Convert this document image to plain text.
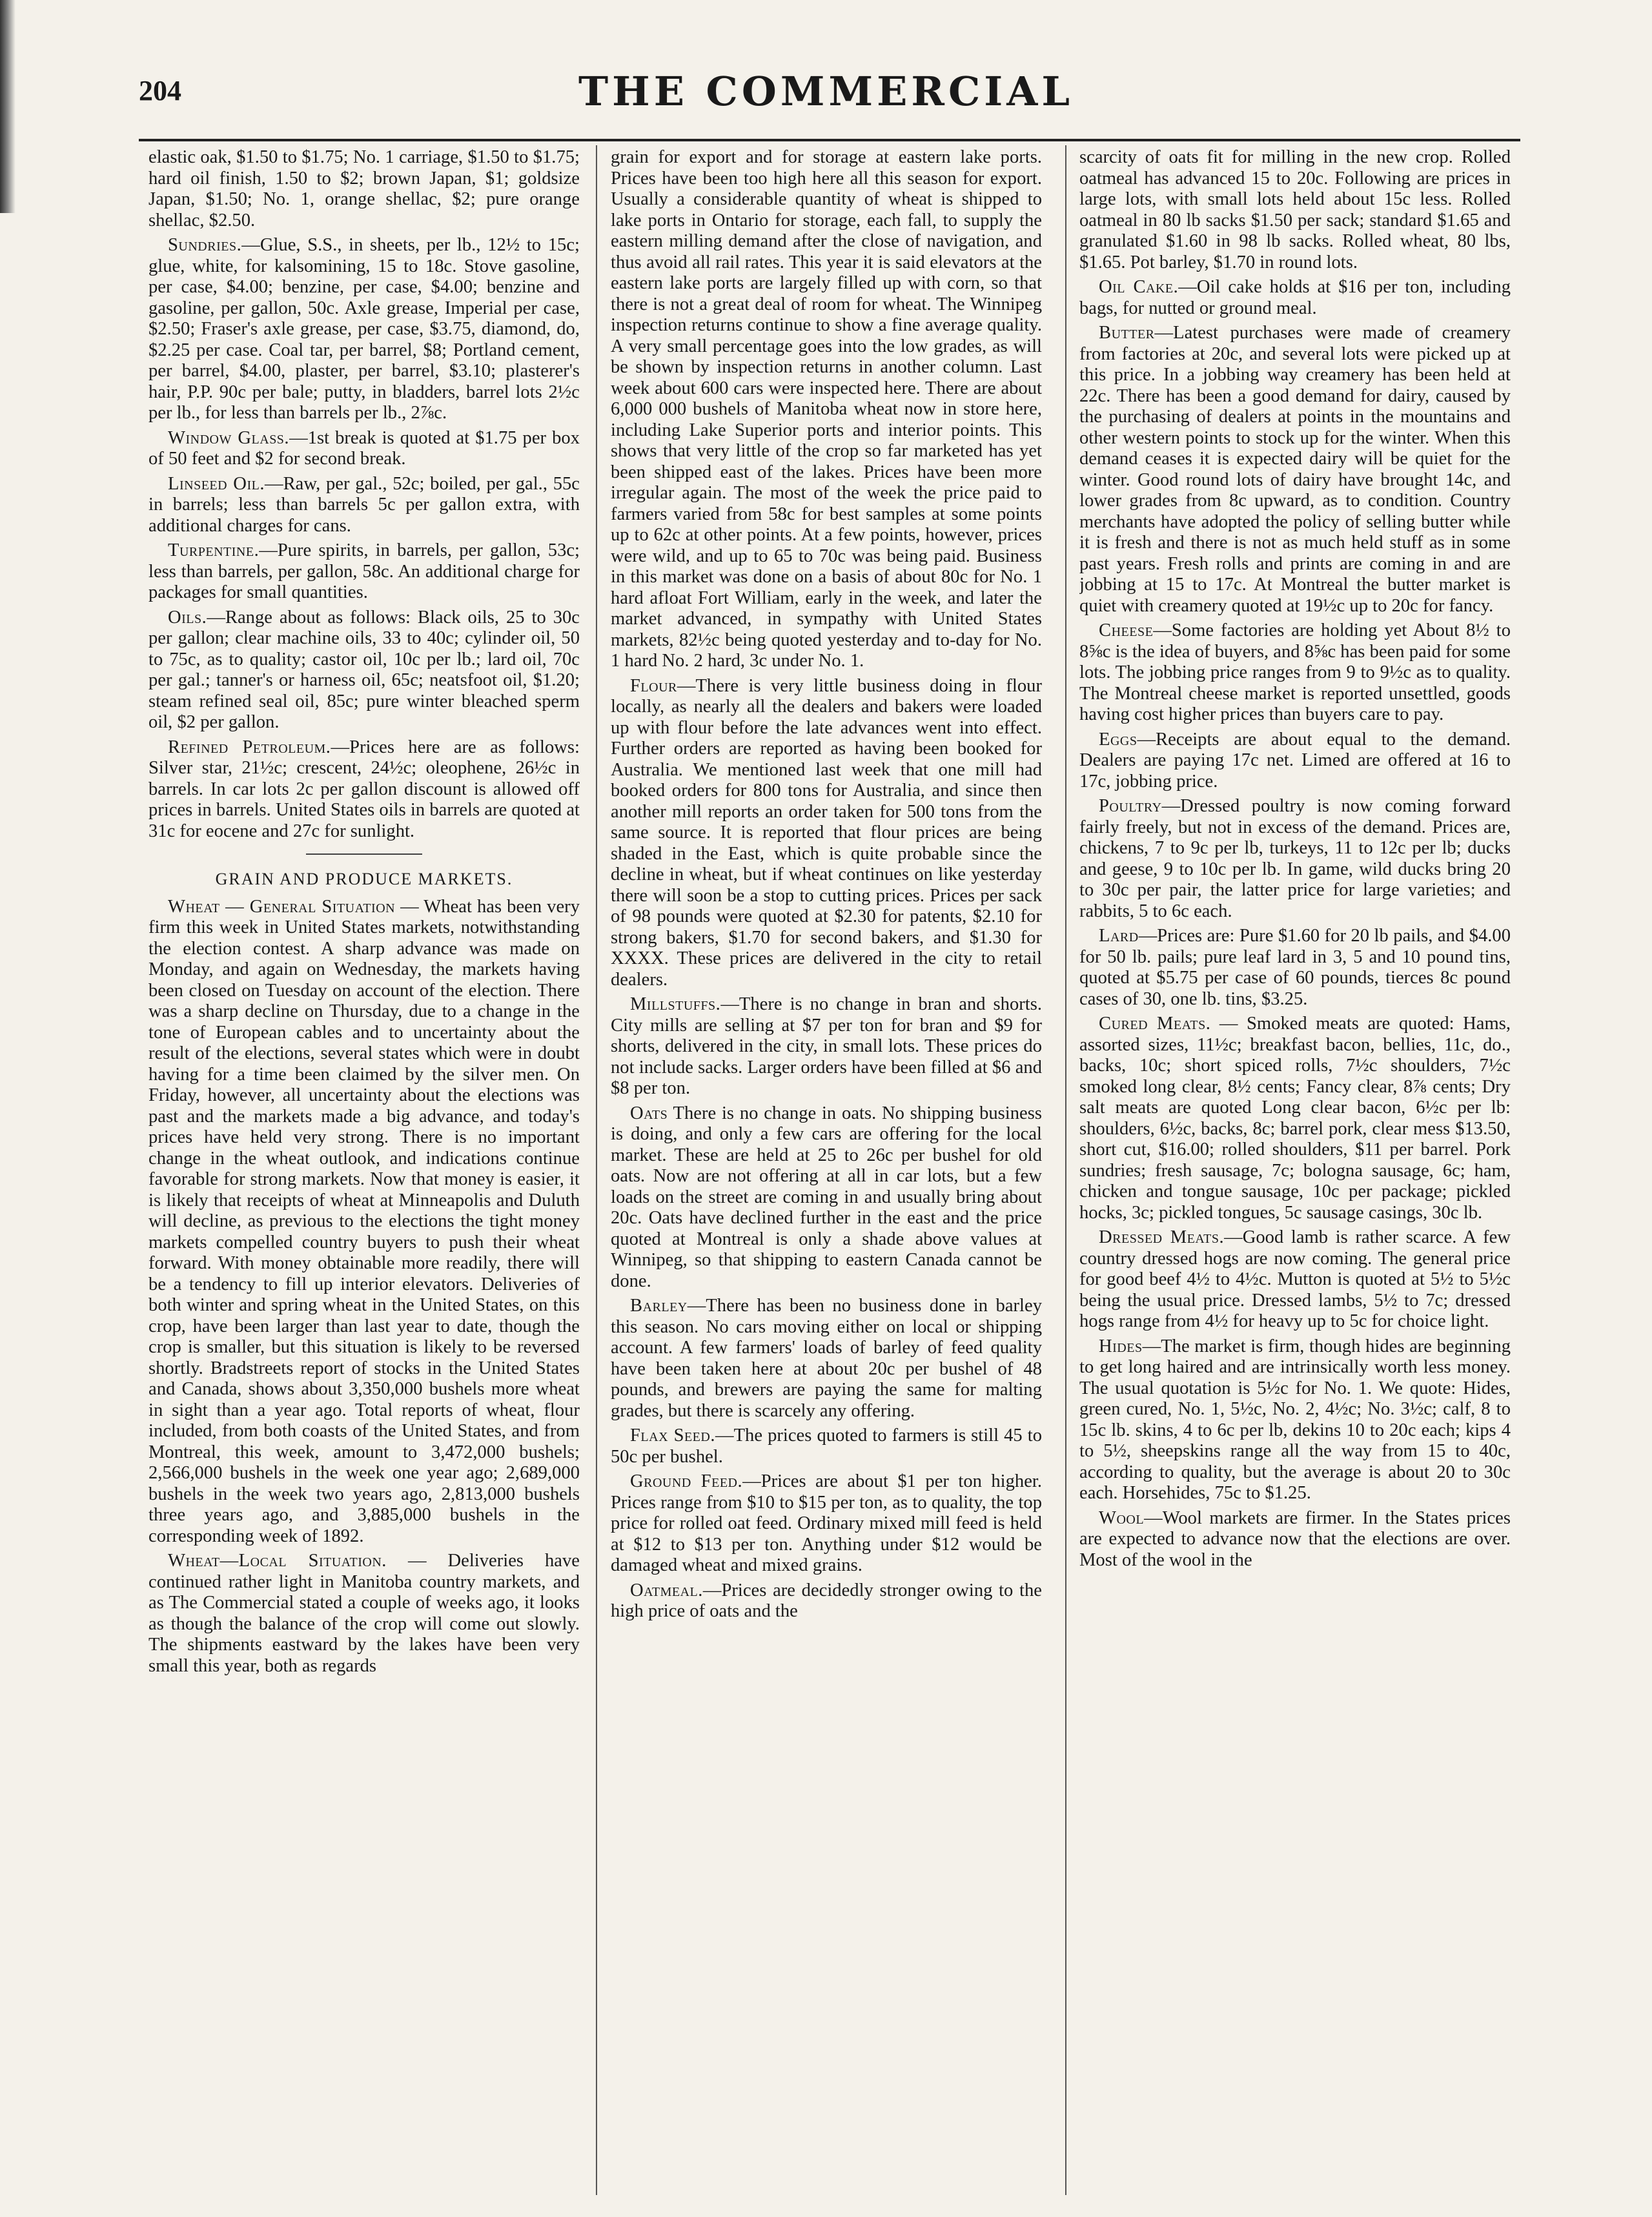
204	THE COMMERCIAL

elastic oak, $1.50 to $1.75; No. 1 carriage, $1.50 to $1.75; hard oil finish, 1.50 to $2; brown Japan, $1; goldsize Japan, $1.50; No. 1, orange shellac, $2; pure orange shellac, $2.50.

Sundries.—Glue, S.S., in sheets, per lb., 12½ to 15c; glue, white, for kalsomining, 15 to 18c. Stove gasoline, per case, $4.00; benzine, per case, $4.00; benzine and gasoline, per gallon, 50c. Axle grease, Imperial per case, $2.50; Fraser's axle grease, per case, $3.75, diamond, do, $2.25 per case. Coal tar, per barrel, $8; Portland cement, per barrel, $4.00, plaster, per barrel, $3.10; plasterer's hair, P.P. 90c per bale; putty, in bladders, barrel lots 2½c per lb., for less than barrels per lb., 2⅞c.

Window Glass.—1st break is quoted at $1.75 per box of 50 feet and $2 for second break.

Linseed Oil.—Raw, per gal., 52c; boiled, per gal., 55c in barrels; less than barrels 5c per gallon extra, with additional charges for cans.

Turpentine.—Pure spirits, in barrels, per gallon, 53c; less than barrels, per gallon, 58c. An additional charge for packages for small quantities.

Oils.—Range about as follows: Black oils, 25 to 30c per gallon; clear machine oils, 33 to 40c; cylinder oil, 50 to 75c, as to quality; castor oil, 10c per lb.; lard oil, 70c per gal.; tanner's or harness oil, 65c; neatsfoot oil, $1.20; steam refined seal oil, 85c; pure winter bleached sperm oil, $2 per gallon.

Refined Petroleum.—Prices here are as follows: Silver star, 21½c; crescent, 24½c; oleophene, 26½c in barrels. In car lots 2c per gallon discount is allowed off prices in barrels. United States oils in barrels are quoted at 31c for eocene and 27c for sunlight.

GRAIN AND PRODUCE MARKETS.

Wheat — General Situation — Wheat has been very firm this week in United States markets, notwithstanding the election contest. A sharp advance was made on Monday, and again on Wednesday, the markets having been closed on Tuesday on account of the election. There was a sharp decline on Thursday, due to a change in the tone of European cables and to uncertainty about the result of the elections, several states which were in doubt having for a time been claimed by the silver men. On Friday, however, all uncertainty about the elections was past and the markets made a big advance, and today's prices have held very strong. There is no important change in the wheat outlook, and indications continue favorable for strong markets. Now that money is easier, it is likely that receipts of wheat at Minneapolis and Duluth will decline, as previous to the elections the tight money markets compelled country buyers to push their wheat forward. With money obtainable more readily, there will be a tendency to fill up interior elevators. Deliveries of both winter and spring wheat in the United States, on this crop, have been larger than last year to date, though the crop is smaller, but this situation is likely to be reversed shortly. Bradstreets report of stocks in the United States and Canada, shows about 3,350,000 bushels more wheat in sight than a year ago. Total reports of wheat, flour included, from both coasts of the United States, and from Montreal, this week, amount to 3,472,000 bushels; 2,566,000 bushels in the week one year ago; 2,689,000 bushels in the week two years ago, 2,813,000 bushels three years ago, and 3,885,000 bushels in the corresponding week of 1892.

Wheat—Local Situation. — Deliveries have continued rather light in Manitoba country markets, and as The Commercial stated a couple of weeks ago, it looks as though the balance of the crop will come out slowly. The shipments eastward by the lakes have been very small this year, both as regards

grain for export and for storage at eastern lake ports. Prices have been too high here all this season for export. Usually a considerable quantity of wheat is shipped to lake ports in Ontario for storage, each fall, to supply the eastern milling demand after the close of navigation, and thus avoid all rail rates. This year it is said elevators at the eastern lake ports are largely filled up with corn, so that there is not a great deal of room for wheat. The Winnipeg inspection returns continue to show a fine average quality. A very small percentage goes into the low grades, as will be shown by inspection returns in another column. Last week about 600 cars were inspected here. There are about 6,000 000 bushels of Manitoba wheat now in store here, including Lake Superior ports and interior points. This shows that very little of the crop so far marketed has yet been shipped east of the lakes. Prices have been more irregular again. The most of the week the price paid to farmers varied from 58c for best samples at some points up to 62c at other points. At a few points, however, prices were wild, and up to 65 to 70c was being paid. Business in this market was done on a basis of about 80c for No. 1 hard afloat Fort William, early in the week, and later the market advanced, in sympathy with United States markets, 82½c being quoted yesterday and to-day for No. 1 hard No. 2 hard, 3c under No. 1.

Flour—There is very little business doing in flour locally, as nearly all the dealers and bakers were loaded up with flour before the late advances went into effect. Further orders are reported as having been booked for Australia. We mentioned last week that one mill had booked orders for 800 tons for Australia, and since then another mill reports an order taken for 500 tons from the same source. It is reported that flour prices are being shaded in the East, which is quite probable since the decline in wheat, but if wheat continues on like yesterday there will soon be a stop to cutting prices. Prices per sack of 98 pounds were quoted at $2.30 for patents, $2.10 for strong bakers, $1.70 for second bakers, and $1.30 for XXXX. These prices are delivered in the city to retail dealers.

Millstuffs.—There is no change in bran and shorts. City mills are selling at $7 per ton for bran and $9 for shorts, delivered in the city, in small lots. These prices do not include sacks. Larger orders have been filled at $6 and $8 per ton.

Oats There is no change in oats. No shipping business is doing, and only a few cars are offering for the local market. These are held at 25 to 26c per bushel for old oats. Now are not offering at all in car lots, but a few loads on the street are coming in and usually bring about 20c. Oats have declined further in the east and the price quoted at Montreal is only a shade above values at Winnipeg, so that shipping to eastern Canada cannot be done.

Barley—There has been no business done in barley this season. No cars moving either on local or shipping account. A few farmers' loads of barley of feed quality have been taken here at about 20c per bushel of 48 pounds, and brewers are paying the same for malting grades, but there is scarcely any offering.

Flax Seed.—The prices quoted to farmers is still 45 to 50c per bushel.

Ground Feed.—Prices are about $1 per ton higher. Prices range from $10 to $15 per ton, as to quality, the top price for rolled oat feed. Ordinary mixed mill feed is held at $12 to $13 per ton. Anything under $12 would be damaged wheat and mixed grains.

Oatmeal.—Prices are decidedly stronger owing to the high price of oats and the

scarcity of oats fit for milling in the new crop. Rolled oatmeal has advanced 15 to 20c. Following are prices in large lots, with small lots held about 15c less. Rolled oatmeal in 80 lb sacks $1.50 per sack; standard $1.65 and granulated $1.60 in 98 lb sacks. Rolled wheat, 80 lbs, $1.65. Pot barley, $1.70 in round lots.

Oil Cake.—Oil cake holds at $16 per ton, including bags, for nutted or ground meal.

Butter—Latest purchases were made of creamery from factories at 20c, and several lots were picked up at this price. In a jobbing way creamery has been held at 22c. There has been a good demand for dairy, caused by the purchasing of dealers at points in the mountains and other western points to stock up for the winter. When this demand ceases it is expected dairy will be quiet for the winter. Good round lots of dairy have brought 14c, and lower grades from 8c upward, as to condition. Country merchants have adopted the policy of selling butter while it is fresh and there is not as much held stuff as in some past years. Fresh rolls and prints are coming in and are jobbing at 15 to 17c. At Montreal the butter market is quiet with creamery quoted at 19½c up to 20c for fancy.

Cheese—Some factories are holding yet About 8½ to 8⅝c is the idea of buyers, and 8⅝c has been paid for some lots. The jobbing price ranges from 9 to 9½c as to quality. The Montreal cheese market is reported unsettled, goods having cost higher prices than buyers care to pay.

Eggs—Receipts are about equal to the demand. Dealers are paying 17c net. Limed are offered at 16 to 17c, jobbing price.

Poultry—Dressed poultry is now coming forward fairly freely, but not in excess of the demand. Prices are, chickens, 7 to 9c per lb, turkeys, 11 to 12c per lb; ducks and geese, 9 to 10c per lb. In game, wild ducks bring 20 to 30c per pair, the latter price for large varieties; and rabbits, 5 to 6c each.

Lard—Prices are: Pure $1.60 for 20 lb pails, and $4.00 for 50 lb. pails; pure leaf lard in 3, 5 and 10 pound tins, quoted at $5.75 per case of 60 pounds, tierces 8c pound cases of 30, one lb. tins, $3.25.

Cured Meats. — Smoked meats are quoted: Hams, assorted sizes, 11½c; breakfast bacon, bellies, 11c, do., backs, 10c; short spiced rolls, 7½c shoulders, 7½c smoked long clear, 8½ cents; Fancy clear, 8⅞ cents; Dry salt meats are quoted Long clear bacon, 6½c per lb: shoulders, 6½c, backs, 8c; barrel pork, clear mess $13.50, short cut, $16.00; rolled shoulders, $11 per barrel. Pork sundries; fresh sausage, 7c; bologna sausage, 6c; ham, chicken and tongue sausage, 10c per package; pickled hocks, 3c; pickled tongues, 5c sausage casings, 30c lb.

Dressed Meats.—Good lamb is rather scarce. A few country dressed hogs are now coming. The general price for good beef 4½ to 4½c. Mutton is quoted at 5½ to 5½c being the usual price. Dressed lambs, 5½ to 7c; dressed hogs range from 4½ for heavy up to 5c for choice light.

Hides—The market is firm, though hides are beginning to get long haired and are intrinsically worth less money. The usual quotation is 5½c for No. 1. We quote: Hides, green cured, No. 1, 5½c, No. 2, 4½c; No. 3½c; calf, 8 to 15c lb. skins, 4 to 6c per lb, dekins 10 to 20c each; kips 4 to 5½, sheepskins range all the way from 15 to 40c, according to quality, but the average is about 20 to 30c each. Horsehides, 75c to $1.25.

Wool—Wool markets are firmer. In the States prices are expected to advance now that the elections are over. Most of the wool in the
